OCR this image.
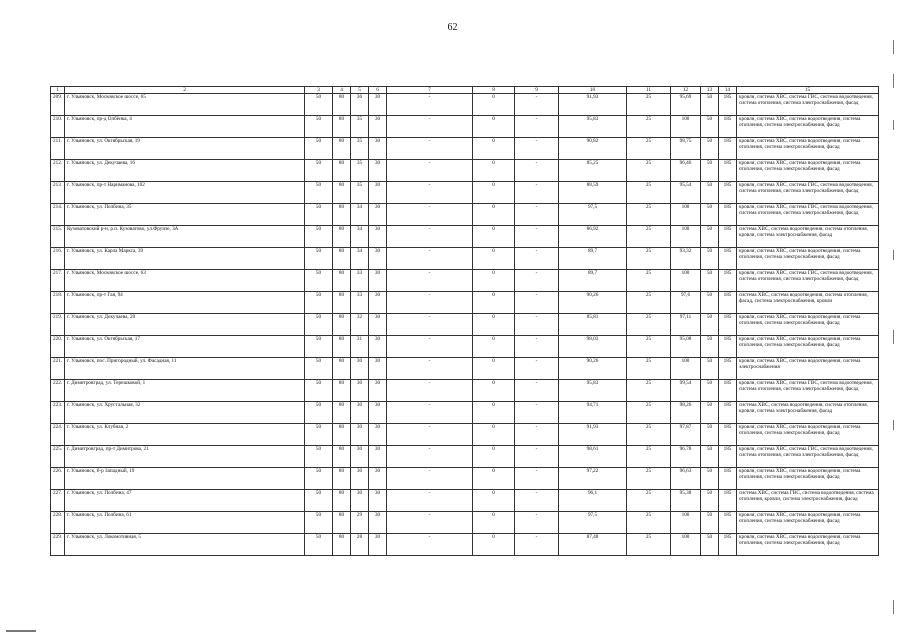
62
1	2	3	4	5	6	7	8	9	10	11	12	13	14	15
209.	г. Ульяновск, Московское шоссе, 65	50	80	36	30	-	0	-	91,93	25	95,69	50	185	кровли, система ХВС, система ГВС, система водоотведения, система отопления, система электроснабжения, фасад
210.	г. Ульяновск, пр-д Олбёнка, 4	50	80	35	30	-	0	-	95,83	25	100	50	185	кровли, система ХВС, система водоотведения, система отопления, система электроснабжения, фасад
211.	г. Ульяновск, ул. Октябрьская, 19	50	80	35	30	-	0	-	90,82	25	98,75	50	185	кровли, система ХВС, система водоотведения, система отопления, система электроснабжения, фасад
212.	г. Ульяновск, ул. Декучаева, 16	50	80	35	30	-	0	-	85,25	25	96,46	50	185	кровли, система ХВС, система водоотведения, система отопления, система электроснабжения, фасад
213.	г. Ульяновск, пр-т Нариманова, 102	50	80	35	30	-	0	-	88,59	25	95,54	50	185	кровли, система ХВС, система ГВС, система водоотведения, система отопления, система электроснабжения, фасад
214.	г. Ульяновск, ул. Полбина, 35	50	80	34	30	-	0	-	97,5	25	100	50	185	кровли, система ХВС, система ГВС, система водоотведения, система отопления, система электроснабжения, фасад
215.	Кузоватовский р-н, р.п. Кузоватово, ул.Фрунзе, 3А	50	80	34	30	-	0	-	86,92	25	100	50	185	система ХВС, система водоотведения, система отопления, кровли, система электроснабжения, фасад
216.	г. Ульяновск, ул. Карла Маркса, 39	50	80	34	30	-	0	-	89,7	25	93,32	50	185	кровли, система ХВС, система водоотведения, система отопления, система электроснабжения, фасад
217.	г. Ульяновск, Московское шоссе, 63	50	80	33	30	-	0	-	89,7	25	100	50	185	кровли, система ХВС, система ГВС, система водоотведения, система отопления, система электроснабжения, фасад
218.	г. Ульяновск, пр-т Гая, 94	50	80	33	30	-	0	-	90,26	25	97,6	50	185	система ХВС, система водоотведения, система отопления, фасад, система электроснабжения, кровли
219.	г. Ульяновск, ул. Докучаева, 20	50	80	32	30	-	0	-	85,81	25	97,11	50	185	кровли, система ХВС, система водоотведения, система отопления, система электроснабжения, фасад
220.	г. Ульяновск, ул. Октябрьская, 17	50	80	31	30	-	0	-	98,03	25	95,08	50	185	кровли, система ХВС, система водоотведения, система отопления, система электроснабжения, фасад
221.	г. Ульяновск, пос. Пригородный, ул. Фасадная, 11	50	80	30	30	-	0	-	90,26	25	100	50	185	кровли, система ХВС, система водоотведения, система электроснабжения
222.	г. Димитровград, ул. Терешковой, 1	50	80	30	30	-	0	-	95,83	25	99,54	50	185	кровли, система ХВС, система ГВС, система водоотведения, система отопления, система электроснабжения, фасад
223.	г. Ульяновск, ул. Хрустальная, 32	50	80	30	30	-	0	-	94,71	25	98,26	50	185	система ХВС, система водоотведения, система отопления, кровли, система электроснабжения, фасад
224.	г. Ульяновск, ул. Клубная, 2	50	80	30	30	-	0	-	91,93	25	97,87	50	185	кровли, система ХВС, система водоотведения, система отопления, система электроснабжения, фасад
225.	г. Димитровград, пр-т Димитрова, 21	50	80	30	30	-	0	-	98,61	25	96,78	50	185	кровли, система ХВС, система ГВС, система водоотведения, система отопления, система электроснабжения, фасад
226.	г. Ульяновск, б-р Западный, 19	50	80	30	30	-	0	-	97,22	25	96,63	50	185	кровли, система ХВС, система водоотведения, система отопления, система электроснабжения, фасад
227.	г. Ульяновск, ул. Полбина, 47	50	80	30	30	-	0	-	96,1	25	95,38	50	185	система ХВС, система ГВС, система водоотведения, система отопления, кровли, система электроснабжения, фасад
228.	г. Ульяновск, ул. Полбина, 61	50	80	29	30	-	0	-	97,5	25	100	50	185	кровли, система ХВС, система водоотведения, система отопления, система электроснабжения, фасад
229.	г. Ульяновск, ул. Локомотивная, 5	50	80	28	30	-	0	-	87,48	25	100	50	185	кровли, система ХВС, система водоотведения, система отопления, система электроснабжения, фасад
